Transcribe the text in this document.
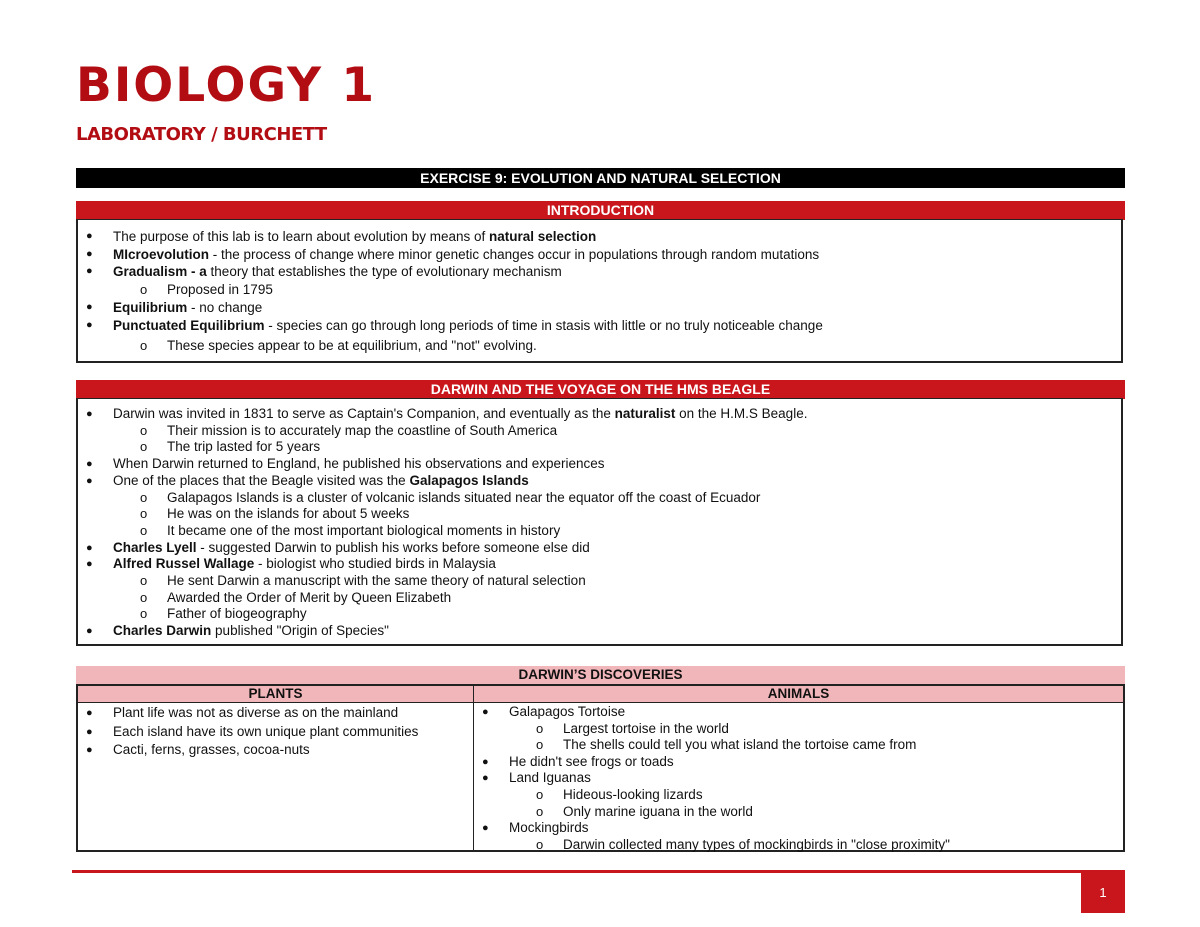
BIOLOGY 1
LABORATORY / BURCHETT
EXERCISE 9: EVOLUTION AND NATURAL SELECTION
INTRODUCTION
● The purpose of this lab is to learn about evolution by means of natural selection
● MIcroevolution - the process of change where minor genetic changes occur in populations through random mutations
● Gradualism - a theory that establishes the type of evolutionary mechanism
o Proposed in 1795
● Equilibrium - no change
● Punctuated Equilibrium - species can go through long periods of time in stasis with little or no truly noticeable change
o These species appear to be at equilibrium, and "not" evolving.
DARWIN AND THE VOYAGE ON THE HMS BEAGLE
● Darwin was invited in 1831 to serve as Captain's Companion, and eventually as the naturalist on the H.M.S Beagle.
o Their mission is to accurately map the coastline of South America
o The trip lasted for 5 years
● When Darwin returned to England, he published his observations and experiences
● One of the places that the Beagle visited was the Galapagos Islands
o Galapagos Islands is a cluster of volcanic islands situated near the equator off the coast of Ecuador
o He was on the islands for about 5 weeks
o It became one of the most important biological moments in history
● Charles Lyell - suggested Darwin to publish his works before someone else did
● Alfred Russel Wallage - biologist who studied birds in Malaysia
o He sent Darwin a manuscript with the same theory of natural selection
o Awarded the Order of Merit by Queen Elizabeth
o Father of biogeography
● Charles Darwin published "Origin of Species"
DARWIN’S DISCOVERIES
PLANTS	ANIMALS
● Plant life was not as diverse as on the mainland
● Each island have its own unique plant communities
● Cacti, ferns, grasses, cocoa-nuts
● Galapagos Tortoise
o Largest tortoise in the world
o The shells could tell you what island the tortoise came from
● He didn't see frogs or toads
● Land Iguanas
o Hideous-looking lizards
o Only marine iguana in the world
● Mockingbirds
o Darwin collected many types of mockingbirds in "close proximity"
1
